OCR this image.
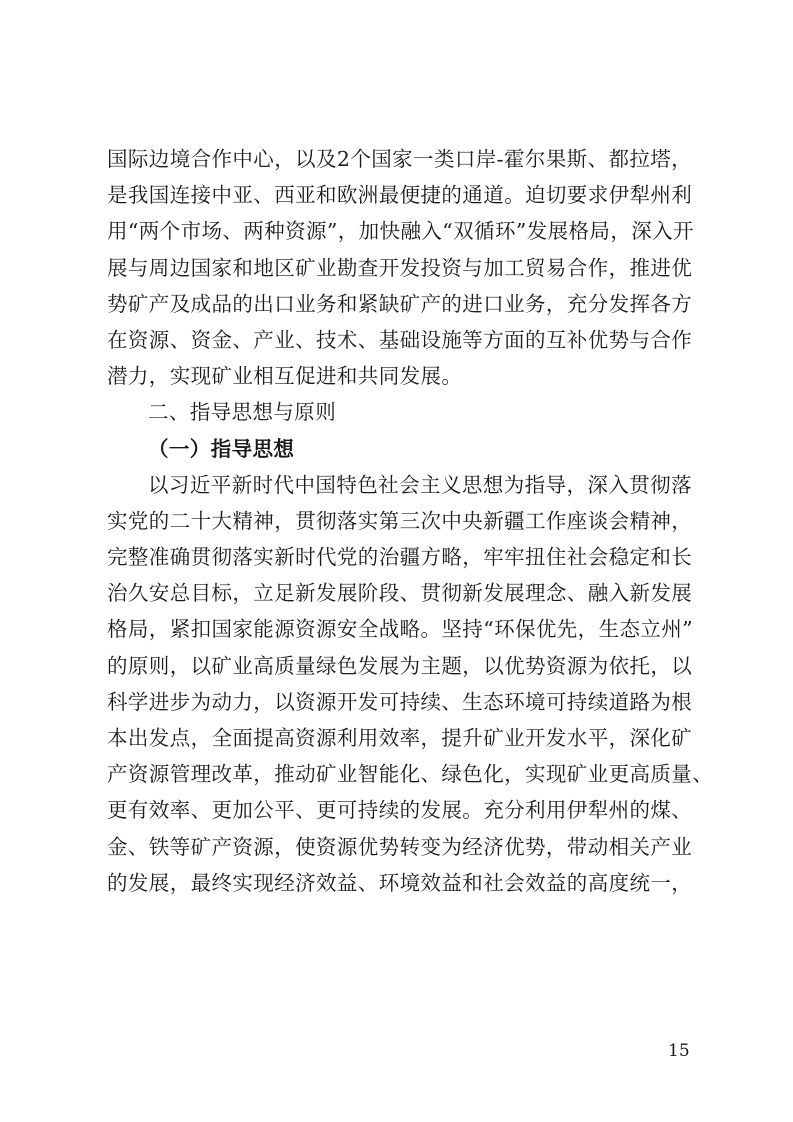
国际边境合作中心，以及2个国家一类口岸-霍尔果斯、都拉塔，
是我国连接中亚、西亚和欧洲最便捷的通道。迫切要求伊犁州利
用“两个市场、两种资源”，加快融入“双循环”发展格局，深入开
展与周边国家和地区矿业勘查开发投资与加工贸易合作，推进优
势矿产及成品的出口业务和紧缺矿产的进口业务，充分发挥各方
在资源、资金、产业、技术、基础设施等方面的互补优势与合作
潜力，实现矿业相互促进和共同发展。
二、指导思想与原则
（一）指导思想
以习近平新时代中国特色社会主义思想为指导，深入贯彻落
实党的二十大精神，贯彻落实第三次中央新疆工作座谈会精神，
完整准确贯彻落实新时代党的治疆方略，牢牢扭住社会稳定和长
治久安总目标，立足新发展阶段、贯彻新发展理念、融入新发展
格局，紧扣国家能源资源安全战略。坚持“环保优先，生态立州”
的原则，以矿业高质量绿色发展为主题，以优势资源为依托，以
科学进步为动力，以资源开发可持续、生态环境可持续道路为根
本出发点，全面提高资源利用效率，提升矿业开发水平，深化矿
产资源管理改革，推动矿业智能化、绿色化，实现矿业更高质量、
更有效率、更加公平、更可持续的发展。充分利用伊犁州的煤、
金、铁等矿产资源，使资源优势转变为经济优势，带动相关产业
的发展，最终实现经济效益、环境效益和社会效益的高度统一，
15
